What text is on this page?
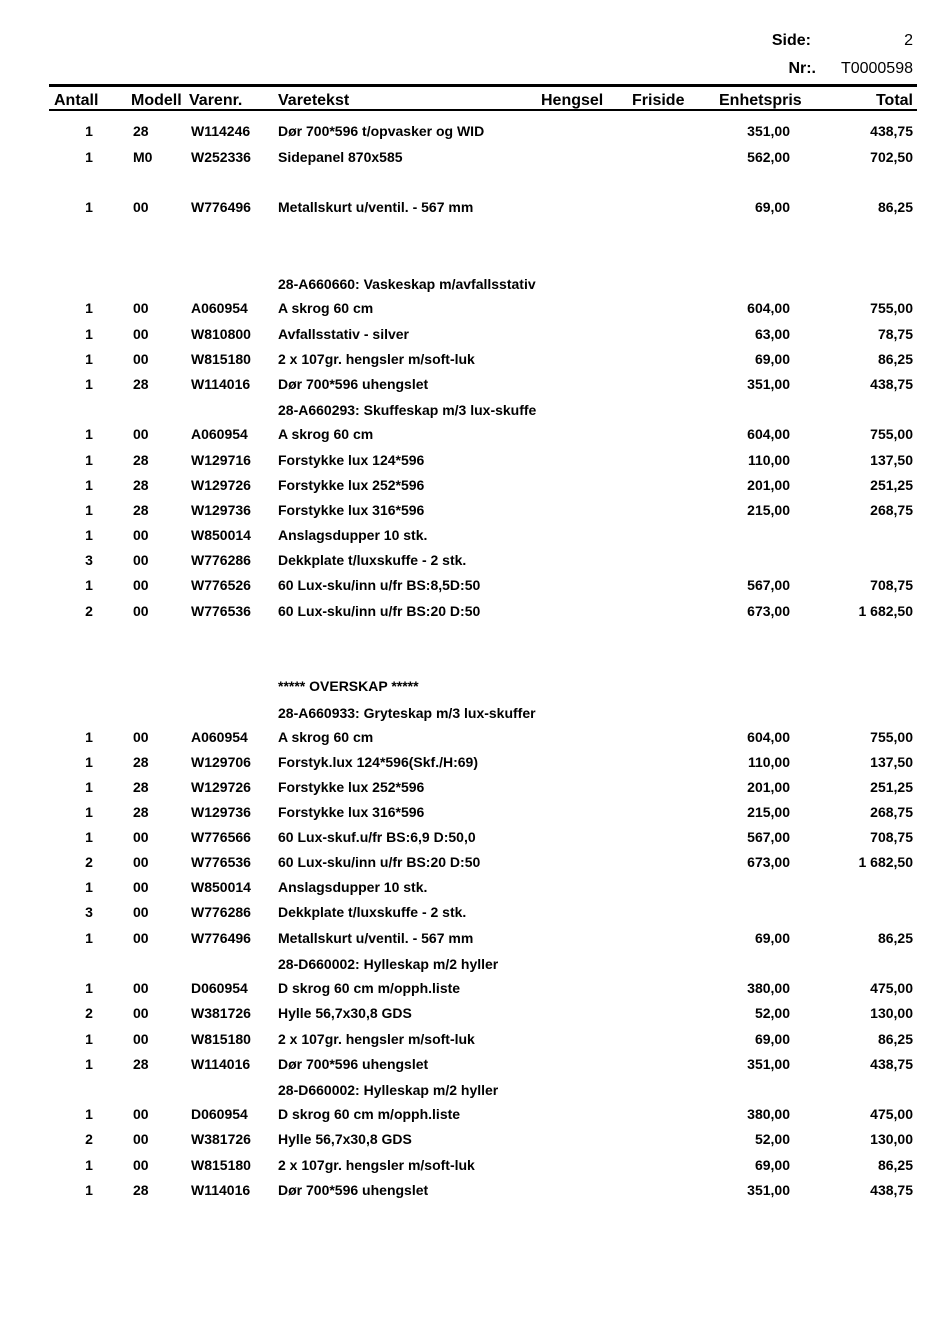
Side:	2
Nr:.	T0000598
Antall Modell Varenr. Varetekst	Hengsel Friside Enhetspris	Total
1	28	W114246 Dør 700*596 t/opvasker og WID	351,00	438,75
1	M0	W252336 Sidepanel 870x585	562,00	702,50
1	00	W776496 Metallskurt u/ventil. - 567 mm	69,00	86,25
28-A660660: Vaskeskap m/avfallsstativ
1	00	A060954 A skrog 60 cm	604,00	755,00
1	00	W810800 Avfallsstativ - silver	63,00	78,75
1	00	W815180 2 x 107gr. hengsler m/soft-luk	69,00	86,25
1	28	W114016 Dør 700*596 uhengslet	351,00	438,75
28-A660293: Skuffeskap m/3 lux-skuffe
1	00	A060954 A skrog 60 cm	604,00	755,00
1	28	W129716 Forstykke lux 124*596	110,00	137,50
1	28	W129726 Forstykke lux 252*596	201,00	251,25
1	28	W129736 Forstykke lux 316*596	215,00	268,75
1	00	W850014 Anslagsdupper 10 stk.
3	00	W776286 Dekkplate t/luxskuffe - 2 stk.
1	00	W776526 60 Lux-sku/inn u/fr BS:8,5D:50	567,00	708,75
2	00	W776536 60 Lux-sku/inn u/fr BS:20 D:50	673,00	1 682,50
***** OVERSKAP *****
28-A660933: Gryteskap m/3 lux-skuffer
1	00	A060954 A skrog 60 cm	604,00	755,00
1	28	W129706 Forstyk.lux 124*596(Skf./H:69)	110,00	137,50
1	28	W129726 Forstykke lux 252*596	201,00	251,25
1	28	W129736 Forstykke lux 316*596	215,00	268,75
1	00	W776566 60 Lux-skuf.u/fr BS:6,9 D:50,0	567,00	708,75
2	00	W776536 60 Lux-sku/inn u/fr BS:20 D:50	673,00	1 682,50
1	00	W850014 Anslagsdupper 10 stk.
3	00	W776286 Dekkplate t/luxskuffe - 2 stk.
1	00	W776496 Metallskurt u/ventil. - 567 mm	69,00	86,25
28-D660002: Hylleskap m/2 hyller
1	00	D060954 D skrog 60 cm m/opph.liste	380,00	475,00
2	00	W381726 Hylle 56,7x30,8 GDS	52,00	130,00
1	00	W815180 2 x 107gr. hengsler m/soft-luk	69,00	86,25
1	28	W114016 Dør 700*596 uhengslet	351,00	438,75
28-D660002: Hylleskap m/2 hyller
1	00	D060954 D skrog 60 cm m/opph.liste	380,00	475,00
2	00	W381726 Hylle 56,7x30,8 GDS	52,00	130,00
1	00	W815180 2 x 107gr. hengsler m/soft-luk	69,00	86,25
1	28	W114016 Dør 700*596 uhengslet	351,00	438,75
